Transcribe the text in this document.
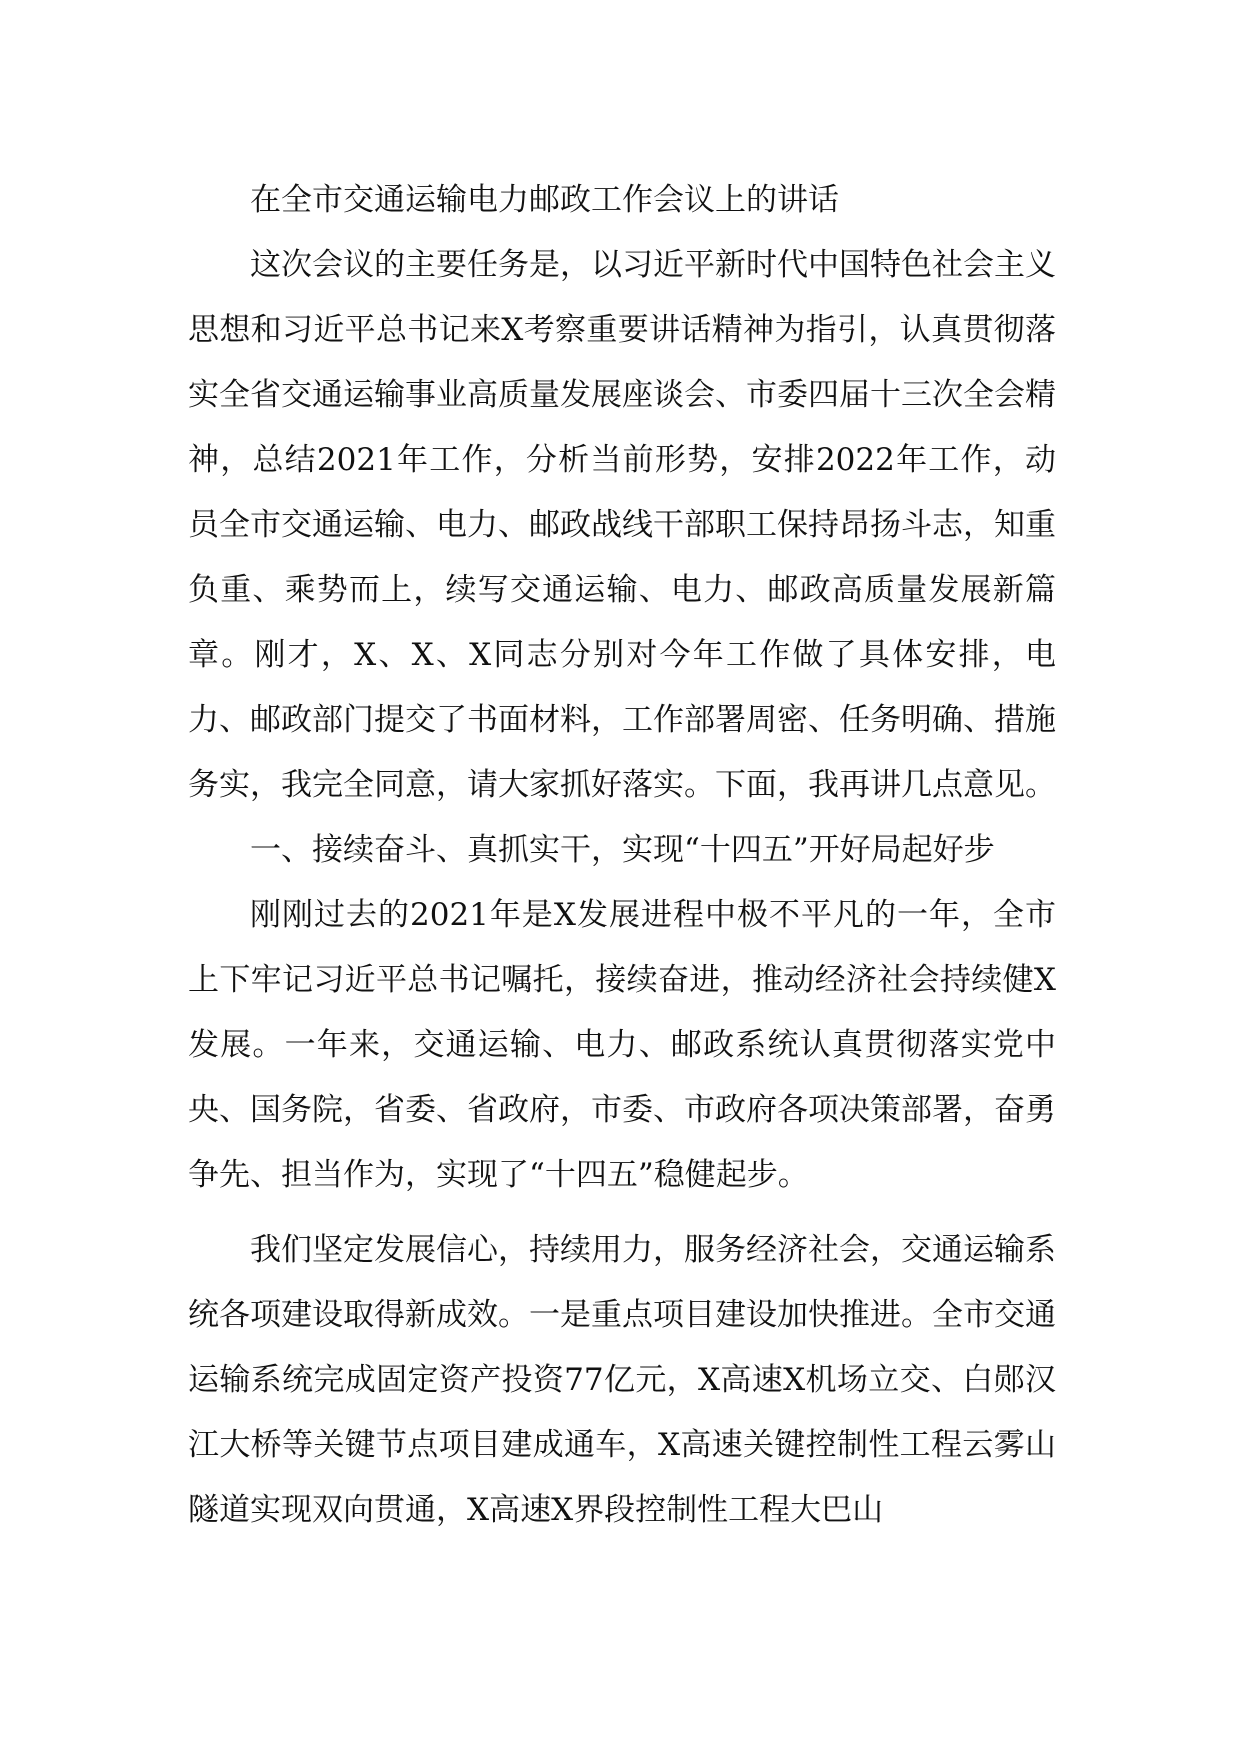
在全市交通运输电力邮政工作会议上的讲话

这次会议的主要任务是，以习近平新时代中国特色社会主义思想和习近平总书记来X考察重要讲话精神为指引，认真贯彻落实全省交通运输事业高质量发展座谈会、市委四届十三次全会精神，总结2021年工作，分析当前形势，安排2022年工作，动员全市交通运输、电力、邮政战线干部职工保持昂扬斗志，知重负重、乘势而上，续写交通运输、电力、邮政高质量发展新篇章。刚才，X、X、X同志分别对今年工作做了具体安排，电力、邮政部门提交了书面材料，工作部署周密、任务明确、措施务实，我完全同意，请大家抓好落实。下面，我再讲几点意见。

一、接续奋斗、真抓实干，实现“十四五”开好局起好步

刚刚过去的2021年是X发展进程中极不平凡的一年，全市上下牢记习近平总书记嘱托，接续奋进，推动经济社会持续健X发展。一年来，交通运输、电力、邮政系统认真贯彻落实党中央、国务院，省委、省政府，市委、市政府各项决策部署，奋勇争先、担当作为，实现了“十四五”稳健起步。

我们坚定发展信心，持续用力，服务经济社会，交通运输系统各项建设取得新成效。一是重点项目建设加快推进。全市交通运输系统完成固定资产投资77亿元，X高速X机场立交、白郧汉江大桥等关键节点项目建成通车，X高速关键控制性工程云雾山隧道实现双向贯通，X高速X界段控制性工程大巴山
